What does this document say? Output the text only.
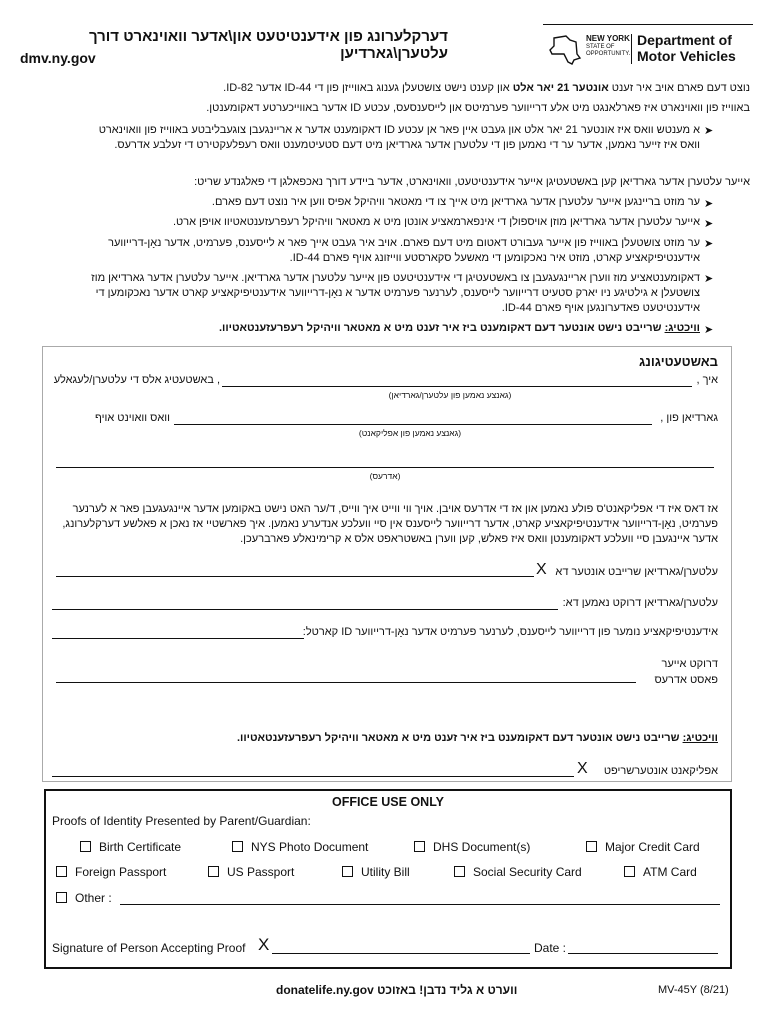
דערקלערונג פון אידענטיטעט און\אדער וואוינארט דורך עלטערן\גארדיען
dmv.ny.gov
NEW YORK
STATE OF
OPPORTUNITY.
Department of
Motor Vehicles
נוצט דעם פארם אויב איר זענט אונטער 21 יאר אלט און קענט נישט צושטעלן גענוג באווייזן פון די ID-44 אדער ID-82.
באווייז פון וואוינארט איז פארלאנגט מיט אלע דרייווער פערמיטס און לייסענסעס, עכטע ID אדער באווייכערטע דאקומענטן.
➤
א מענטש וואס איז אונטער 21 יאר אלט און געבט איין פאר אן עכטע ID דאקומענט אדער א אריינגעבן צוגעבליבטע באווייז פון וואוינארט וואס איז זייער נאמען, אדער ער די נאמען פון די עלטערן אדער גארדיאן מיט דעם סטעיטמענט וואס רעפלעקטירט די זעלבע אדרעס.
אייער עלטערן אדער גארדיאן קען באשטעטיגן אייער אידענטיטעט, וואוינארט, אדער ביידע דורך נאכפאלגן די פאלגנדע שריט:
➤
ער מוזט בריינגען אייער עלטערן אדער גארדיאן מיט אייך צו די מאטאר וויהיקל אפיס ווען איר נוצט דעם פארם.
➤
אייער עלטערן אדער גארדיאן מוזן אויספולן די אינפארמאציע אונטן מיט א מאטאר וויהיקל רעפרעזענטאטיוו אויפן ארט.
➤
ער מוזט צושטעלן באווייז פון אייער געבורט דאטום מיט דעם פארם. אויב איר געבט אייך פאר א לייסענס, פערמיט, אדער נאָן-דרייווער אידענטיפיקאציע קארט, מוזט איר נאכקומען די מאשעל סקארסטע ווייזונג אויף פארם ID-44.
➤
דאקומענטאציע מוז ווערן אריינגעגעבן צו באשטעטיגן די אידענטיטעט פון אייער עלטערן אדער גארדיאן. אייער עלטערן אדער גארדיאן מוז צושטעלן א גילטיגע ניו יארק סטעיט דרייווער לייסענס, לערנער פערמיט אדער א נאָן-דרייווער אידענטיפיקאציע קארט אדער נאכקומען די אידענטיטעט פאדערונגען אויף פארם ID-44.
➤
וויכטיג: שרייבט נישט אונטער דעם דאקומענט ביז איר זענט מיט א מאטאר וויהיקל רעפרעזענטאטיוו.
באשטעטיגונג
איך ,
, באשטעטיג אלס די עלטערן/לעגאלע
(גאנצע נאמען פון עלטערן/גארדיאן)
גארדיאן פון ,
וואס וואוינט אויף
(גאנצע נאמען פון אפליקאנט)
(אדרעס)
אז דאס איז די אפליקאנט'ס פולע נאמען און אז די אדרעס אויבן. אויך ווי ווייט איך ווייס, ד/ער האט נישט באקומען אדער איינגעגעבן פאר א לערנער פערמיט, נאָן-דרייווער אידענטיפיקאציע קארט, אדער דרייווער לייסענס אין סיי וועלכע אנדערע נאמען. איך פארשטיי אז נאכן א פאלשע דערקלערונג, אדער איינגעבן סיי וועלכע דאקומענטן וואס איז פאלש, קען ווערן באשטראפט אלס א קרימינאלע פארברעכן.
עלטערן/גארדיאן שרייבט אונטער דא
X
עלטערן/גארדיאן דרוקט נאמען דא:
אידענטיפיקאציע נומער פון דרייווער לייסענס, לערנער פערמיט אדער נאָן-דרייווער ID קארטל:
דרוקט אייער
פאסט אדרעס
וויכטיג: שרייבט נישט אונטער דעם דאקומענט ביז איר זענט מיט א מאטאר וויהיקל רעפרעזענטאטיוו.
אפליקאנט אונטערשריפט
X
OFFICE USE ONLY
Proofs of Identity Presented by Parent/Guardian:
Birth Certificate	NYS Photo Document	DHS Document(s)	Major Credit Card
Foreign Passport	US Passport	Utility Bill	Social Security Card	ATM Card
Other :
Signature of Person Accepting Proof X	Date :
donatelife.ny.gov ווערט א גליד נדבן! באזוכט	MV-45Y (8/21)
